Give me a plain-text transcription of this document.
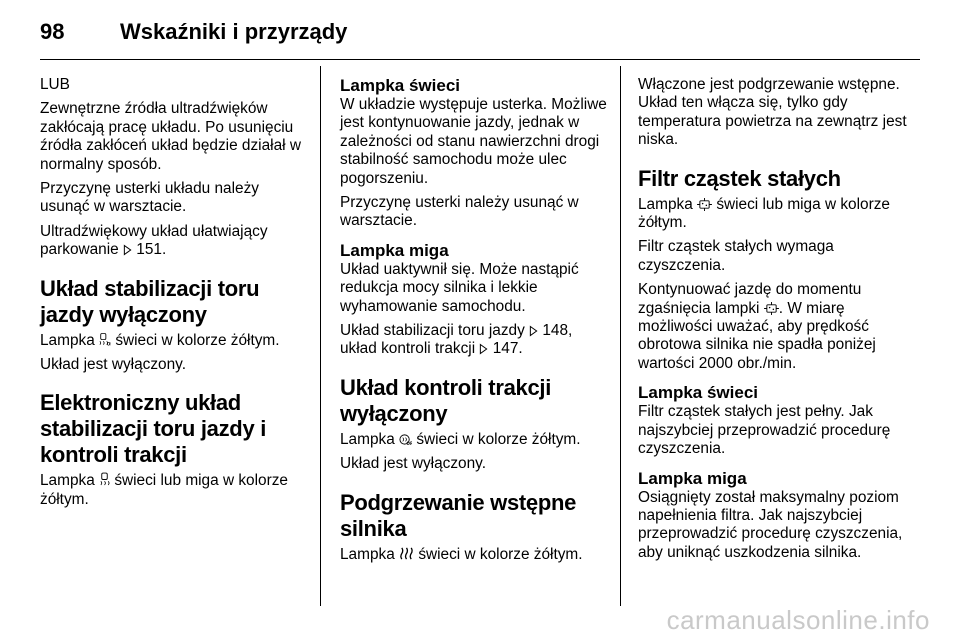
98	Wskaźniki i przyrządy

LUB

Zewnętrzne źródła ultradźwięków zakłócają pracę układu. Po usunięciu źródła zakłóceń układ będzie działał w normalny sposób.

Przyczynę usterki układu należy usunąć w warsztacie.

Ultradźwiękowy układ ułatwiający parkowanie 151.

Układ stabilizacji toru jazdy wyłączony

Lampka świeci w kolorze żółtym.

Układ jest wyłączony.

Elektroniczny układ stabilizacji toru jazdy i kontroli trakcji

Lampka świeci lub miga w kolorze żółtym.

Lampka świeci

W układzie występuje usterka. Możliwe jest kontynuowanie jazdy, jednak w zależności od stanu nawierzchni drogi stabilność samochodu może ulec pogorszeniu.

Przyczynę usterki należy usunąć w warsztacie.

Lampka miga

Układ uaktywnił się. Może nastąpić redukcja mocy silnika i lekkie wyhamowanie samochodu.

Układ stabilizacji toru jazdy 148, układ kontroli trakcji 147.

Układ kontroli trakcji wyłączony

Lampka świeci w kolorze żółtym.

Układ jest wyłączony.

Podgrzewanie wstępne silnika

Lampka świeci w kolorze żółtym.

Włączone jest podgrzewanie wstępne. Układ ten włącza się, tylko gdy temperatura powietrza na zewnątrz jest niska.

Filtr cząstek stałych

Lampka świeci lub miga w kolorze żółtym.

Filtr cząstek stałych wymaga czyszczenia.

Kontynuować jazdę do momentu zgaśnięcia lampki . W miarę możliwości uważać, aby prędkość obrotowa silnika nie spadła poniżej wartości 2000 obr./min.

Lampka świeci

Filtr cząstek stałych jest pełny. Jak najszybciej przeprowadzić procedurę czyszczenia.

Lampka miga

Osiągnięty został maksymalny poziom napełnienia filtra. Jak najszybciej przeprowadzić procedurę czyszczenia, aby uniknąć uszkodzenia silnika.

carmanualsonline.info
